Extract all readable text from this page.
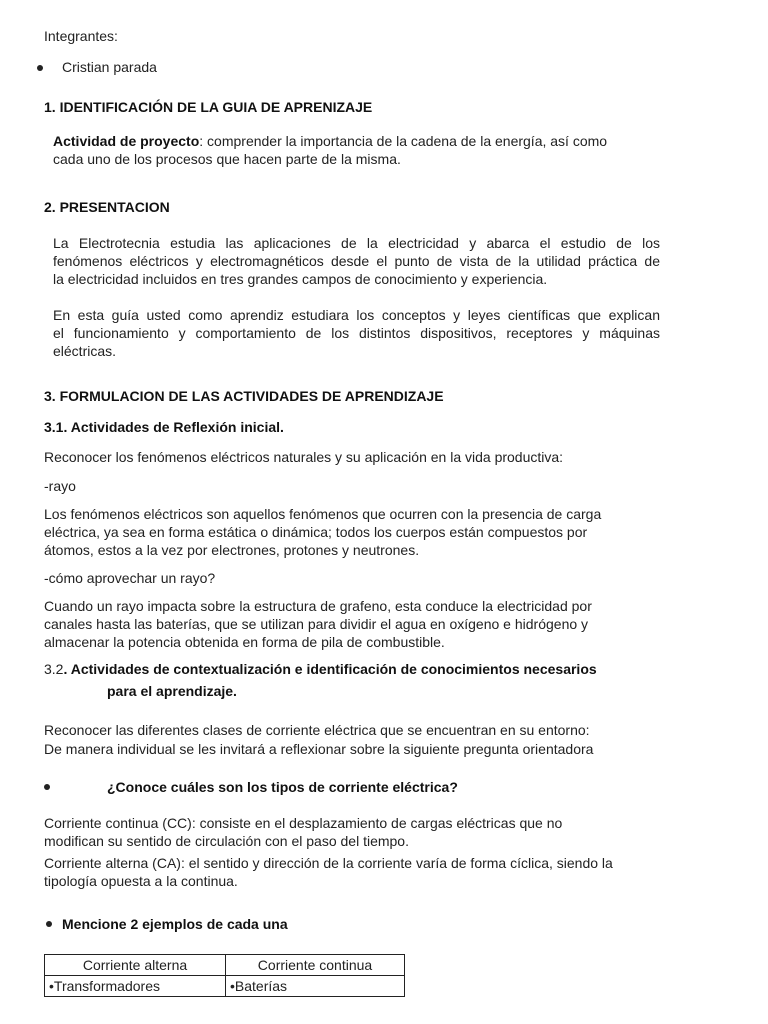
Integrantes:
Cristian parada
1. IDENTIFICACIÓN DE LA GUIA DE APRENIZAJE
Actividad de proyecto: comprender la importancia de la cadena de la energía, así como
cada uno de los procesos que hacen parte de la misma.
2. PRESENTACION
La Electrotecnia estudia las aplicaciones de la electricidad y abarca el estudio de los
fenómenos eléctricos y electromagnéticos desde el punto de vista de la utilidad práctica de
la electricidad incluidos en tres grandes campos de conocimiento y experiencia.
En esta guía usted como aprendiz estudiara los conceptos y leyes científicas que explican
el funcionamiento y comportamiento de los distintos dispositivos, receptores y máquinas
eléctricas.
3. FORMULACION DE LAS ACTIVIDADES DE APRENDIZAJE
3.1. Actividades de Reflexión inicial.
Reconocer los fenómenos eléctricos naturales y su aplicación en la vida productiva:
-rayo
Los fenómenos eléctricos son aquellos fenómenos que ocurren con la presencia de carga
eléctrica, ya sea en forma estática o dinámica; todos los cuerpos están compuestos por
átomos, estos a la vez por electrones, protones y neutrones.
-cómo aprovechar un rayo?
Cuando un rayo impacta sobre la estructura de grafeno, esta conduce la electricidad por
canales hasta las baterías, que se utilizan para dividir el agua en oxígeno e hidrógeno y
almacenar la potencia obtenida en forma de pila de combustible.
3.2. Actividades de contextualización e identificación de conocimientos necesarios
para el aprendizaje.
Reconocer las diferentes clases de corriente eléctrica que se encuentran en su entorno:
De manera individual se les invitará a reflexionar sobre la siguiente pregunta orientadora
¿Conoce cuáles son los tipos de corriente eléctrica?
Corriente continua (CC): consiste en el desplazamiento de cargas eléctricas que no
modifican su sentido de circulación con el paso del tiempo.
Corriente alterna (CA): el sentido y dirección de la corriente varía de forma cíclica, siendo la
tipología opuesta a la continua.
Mencione 2 ejemplos de cada una
Corriente alterna	Corriente continua
•Transformadores	•Baterías
